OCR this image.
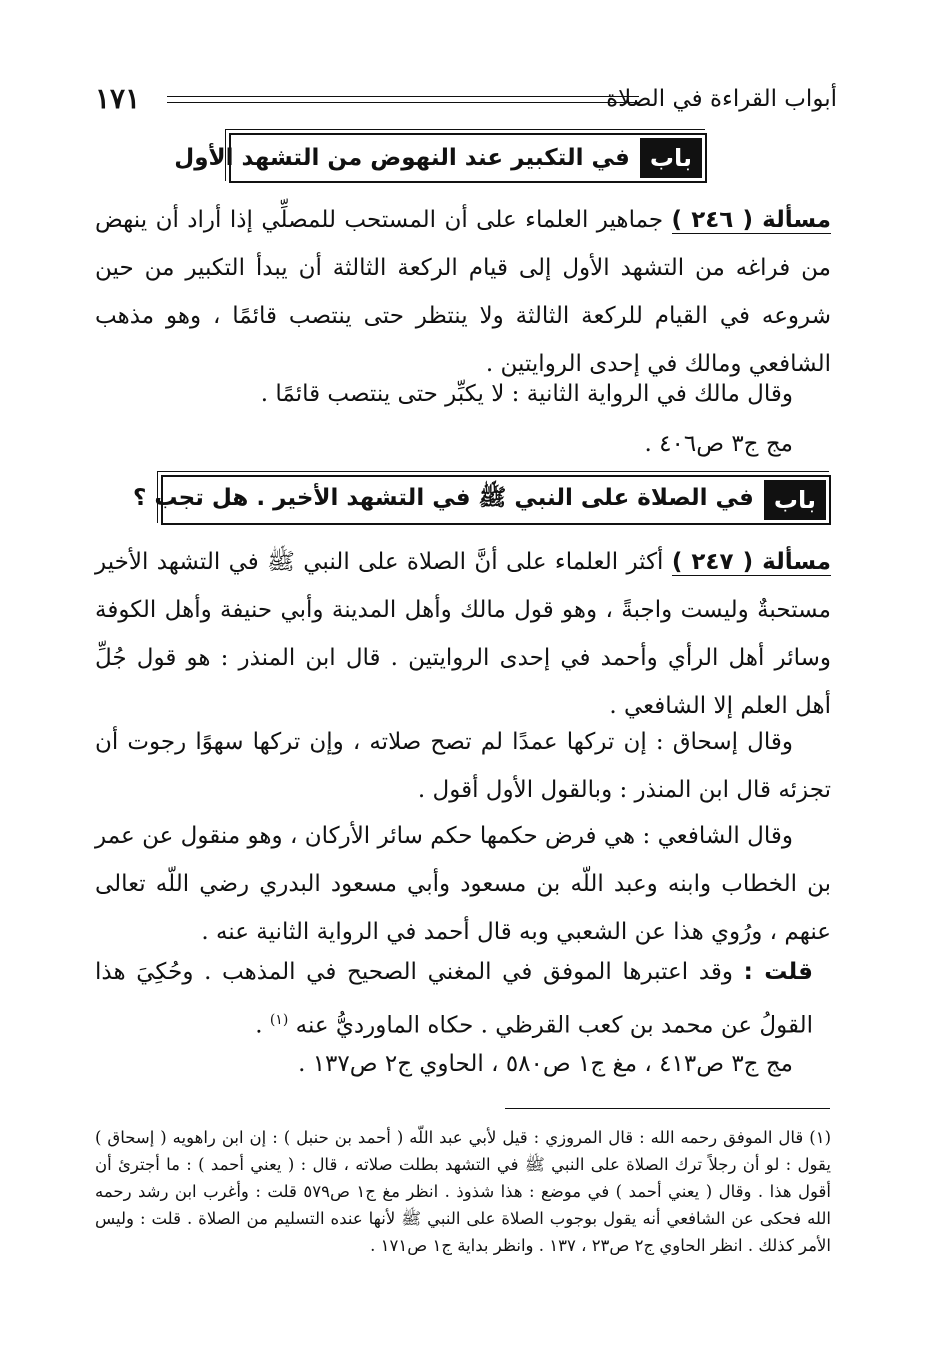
أبواب القراءة في الصلاة
١٧١
باب
في التكبير عند النهوض من التشهد الأول
مسألة ( ٢٤٦ ) جماهير العلماء على أن المستحب للمصلِّي إذا أراد أن ينهض من فراغه من التشهد الأول إلى قيام الركعة الثالثة أن يبدأ التكبير من حين شروعه في القيام للركعة الثالثة ولا ينتظر حتى ينتصب قائمًا ، وهو مذهب الشافعي ومالك في إحدى الروايتين .
وقال مالك في الرواية الثانية : لا يكبِّر حتى ينتصب قائمًا .
مج ج٣ ص٤٠٦ .
باب
في الصلاة على النبي ﷺ في التشهد الأخير . هل تجب ؟
مسألة ( ٢٤٧ ) أكثر العلماء على أنَّ الصلاة على النبي ﷺ في التشهد الأخير مستحبةٌ وليست واجبةً ، وهو قول مالك وأهل المدينة وأبي حنيفة وأهل الكوفة وسائر أهل الرأي وأحمد في إحدى الروايتين . قال ابن المنذر : هو قول جُلِّ أهل العلم إلا الشافعي .
وقال إسحاق : إن تركها عمدًا لم تصح صلاته ، وإن تركها سهوًا رجوت أن تجزئه قال ابن المنذر : وبالقول الأول أقول .
وقال الشافعي : هي فرض حكمها حكم سائر الأركان ، وهو منقول عن عمر بن الخطاب وابنه وعبد اللّه بن مسعود وأبي مسعود البدري رضي اللّه تعالى عنهم ، ورُوي هذا عن الشعبي وبه قال أحمد في الرواية الثانية عنه .
قلت : وقد اعتبرها الموفق في المغني الصحيح في المذهب . وحُكِيَ هذا القولُ عن محمد بن كعب القرظي . حكاه الماورديُّ عنه $^{(١)}$ .
مج ج٣ ص٤١٣ ، مغ ج١ ص٥٨٠ ، الحاوي ج٢ ص١٣٧ .
(١) قال الموفق رحمه الله : قال المروزي : قيل لأبي عبد اللّه ( أحمد بن حنبل ) : إن ابن راهويه ( إسحاق ) يقول : لو أن رجلاً ترك الصلاة على النبي ﷺ في التشهد بطلت صلاته ، قال : ( يعني أحمد ) : ما أجترئ أن أقول هذا . وقال ( يعني أحمد ) في موضع : هذا شذوذ . انظر مغ ج١ ص٥٧٩ قلت : وأغرب ابن رشد رحمه الله فحكى عن الشافعي أنه يقول بوجوب الصلاة على النبي ﷺ لأنها عنده التسليم من الصلاة . قلت : وليس الأمر كذلك . انظر الحاوي ج٢ ص٢٣ ، ١٣٧ . وانظر بداية ج١ ص١٧١ .
